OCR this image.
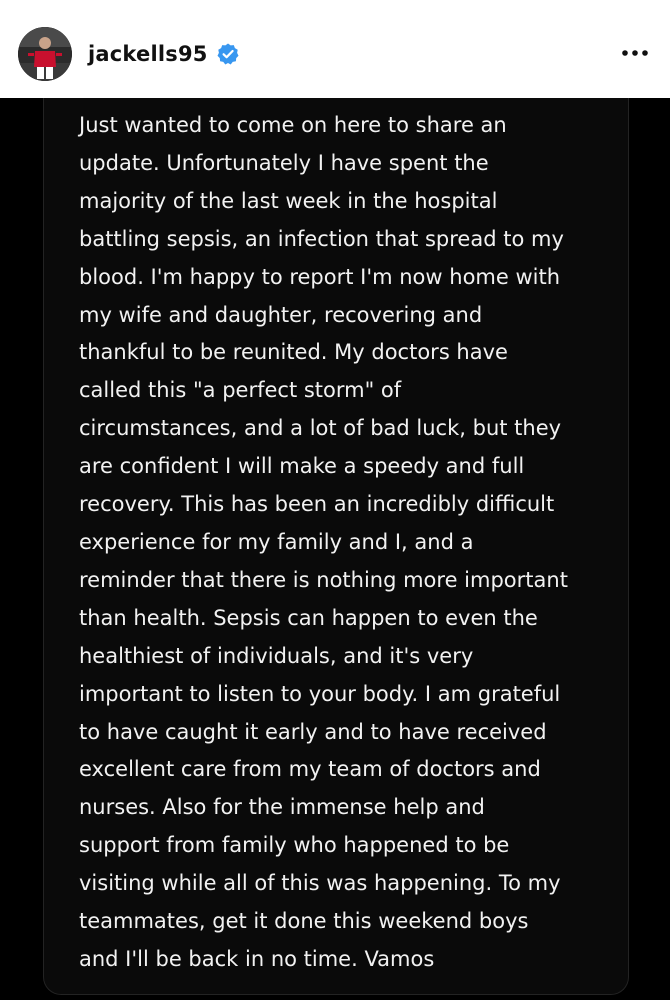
jackells95
Just wanted to come on here to share an
update. Unfortunately I have spent the
majority of the last week in the hospital
battling sepsis, an infection that spread to my
blood. I'm happy to report I'm now home with
my wife and daughter, recovering and
thankful to be reunited. My doctors have
called this "a perfect storm" of
circumstances, and a lot of bad luck, but they
are confident I will make a speedy and full
recovery. This has been an incredibly difficult
experience for my family and I, and a
reminder that there is nothing more important
than health. Sepsis can happen to even the
healthiest of individuals, and it's very
important to listen to your body. I am grateful
to have caught it early and to have received
excellent care from my team of doctors and
nurses. Also for the immense help and
support from family who happened to be
visiting while all of this was happening. To my
teammates, get it done this weekend boys
and I'll be back in no time. Vamos
